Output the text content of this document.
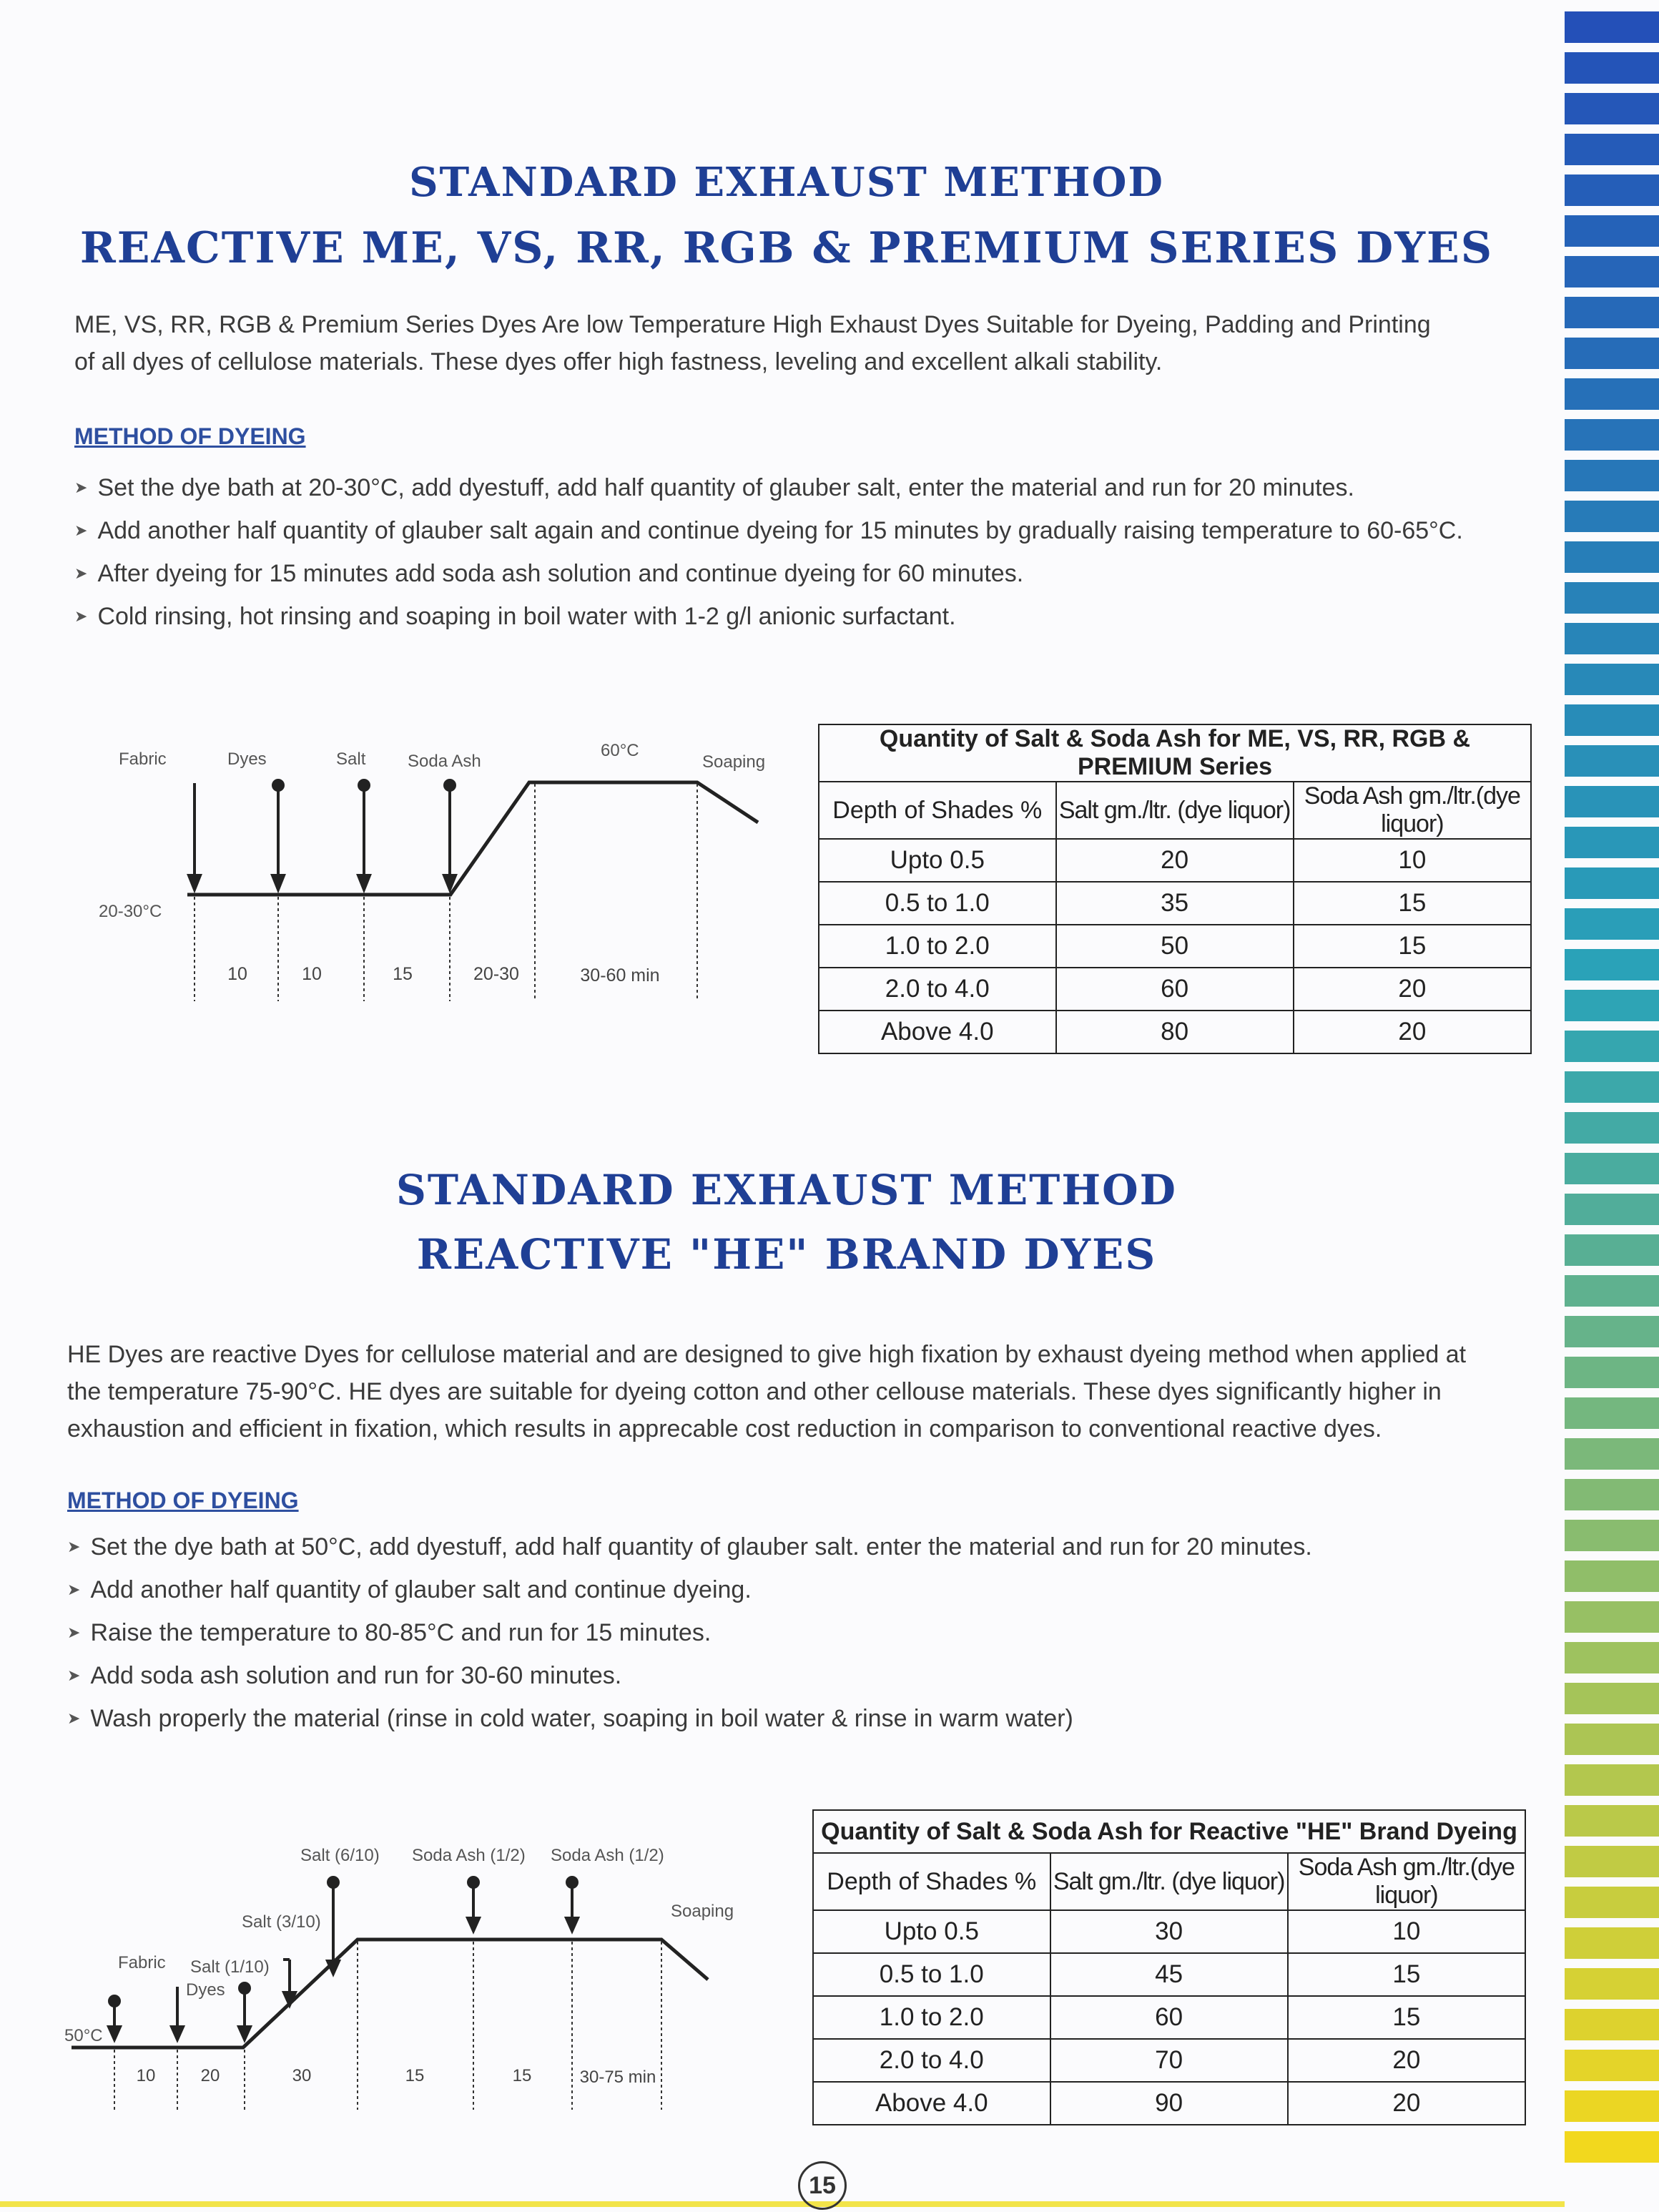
STANDARD EXHAUST METHOD
REACTIVE ME, VS, RR, RGB & PREMIUM SERIES DYES

ME, VS, RR, RGB & Premium Series Dyes Are low Temperature High Exhaust Dyes Suitable for Dyeing, Padding and Printing

of all dyes of cellulose materials. These dyes offer high fastness, leveling and excellent alkali stability.

METHOD OF DYEING
➤ Set the dye bath at 20-30°C, add dyestuff, add half quantity of glauber salt, enter the material and run for 20 minutes.
➤ Add another half quantity of glauber salt again and continue dyeing for 15 minutes by gradually raising temperature to 60-65°C.
➤ After dyeing for 15 minutes add soda ash solution and continue dyeing for 60 minutes.
➤ Cold rinsing, hot rinsing and soaping in boil water with 1-2 g/l anionic surfactant.
Fabric	Dyes	Salt Soda Ash
60°C
Soaping
20-30°C
10	10	15	20-30	30-60 min
Quantity of Salt & Soda Ash for ME, VS, RR, RGB & PREMIUM Series		
Depth of Shades %	Salt gm./ltr. (dye liquor)	Soda Ash gm./ltr.(dye liquor)
Upto 0.5	20	10
0.5 to 1.0	35	15
1.0 to 2.0	50	15
2.0 to 4.0	60	20
Above 4.0	80	20
STANDARD EXHAUST METHOD
REACTIVE "HE" BRAND DYES

HE Dyes are reactive Dyes for cellulose material and are designed to give high fixation by exhaust dyeing method when applied at

the temperature 75-90°C. HE dyes are suitable for dyeing cotton and other cellouse materials. These dyes significantly higher in

exhaustion and efficient in fixation, which results in apprecable cost reduction in comparison to conventional reactive dyes.

METHOD OF DYEING
➤ Set the dye bath at 50°C, add dyestuff, add half quantity of glauber salt. enter the material and run for 20 minutes.
➤ Add another half quantity of glauber salt and continue dyeing.
➤ Raise the temperature to 80-85°C and run for 15 minutes.
➤ Add soda ash solution and run for 30-60 minutes.
➤ Wash properly the material (rinse in cold water, soaping in boil water & rinse in warm water)
Salt (6/10) Soda Ash (1/2) Soda Ash (1/2)
Salt (3/10)
Soaping
Fabric Salt (1/10)
Dyes
50°C
10	20	30	15	15	30-75 min
Quantity of Salt & Soda Ash for Reactive "HE" Brand Dyeing		
Depth of Shades %	Salt gm./ltr. (dye liquor)	Soda Ash gm./ltr.(dye liquor)
Upto 0.5	30	10
0.5 to 1.0	45	15
1.0 to 2.0	60	15
2.0 to 4.0	70	20
Above 4.0	90	20
15
